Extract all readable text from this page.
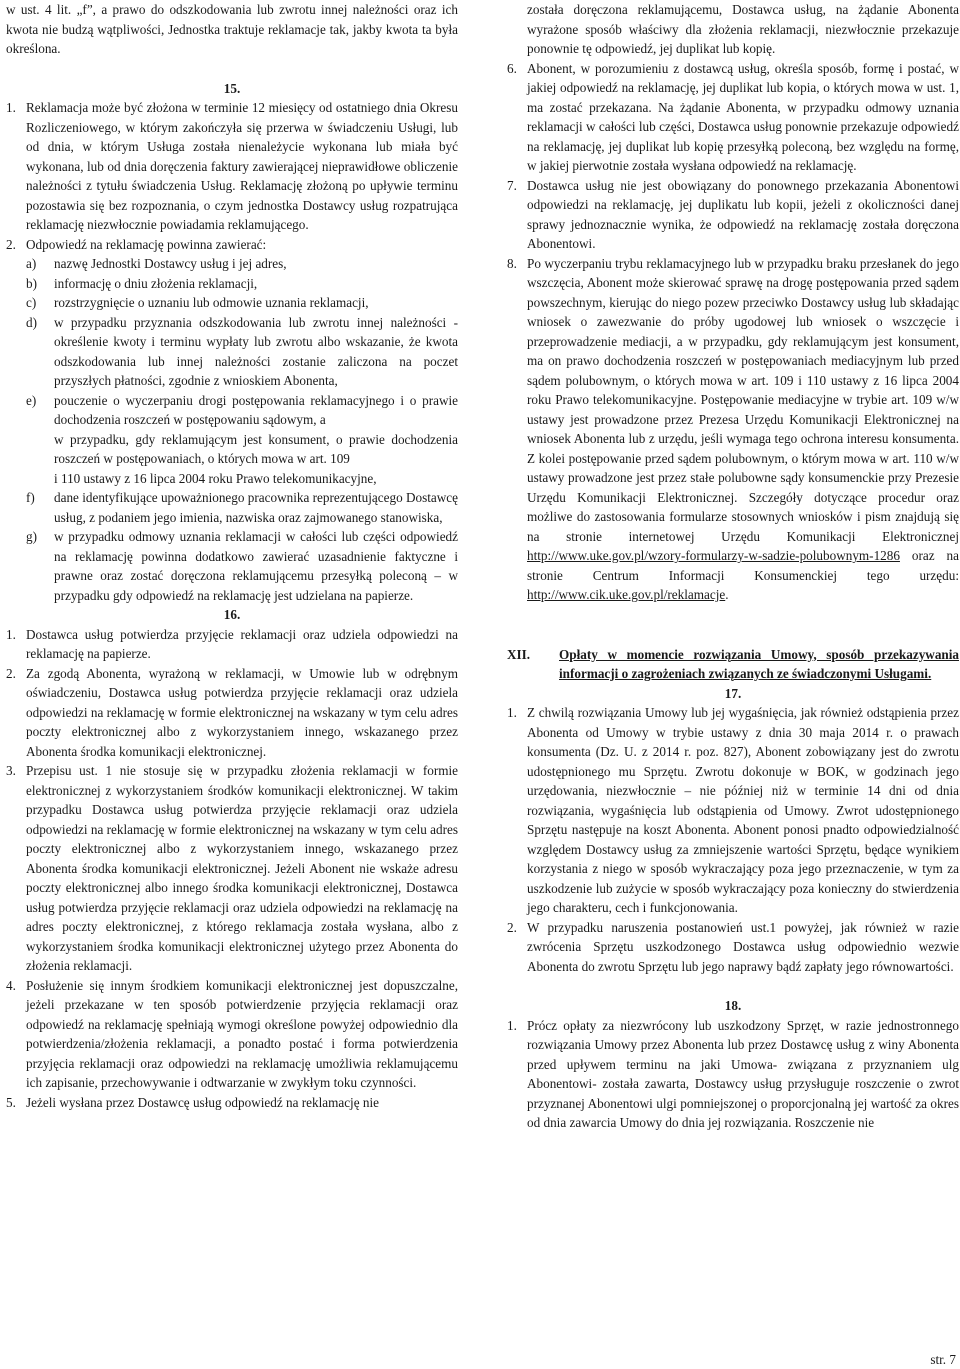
w ust. 4 lit. „f”, a prawo do odszkodowania lub zwrotu innej należności oraz ich kwota nie budzą wątpliwości, Jednostka traktuje reklamacje tak, jakby kwota ta była określona.

15.

1. Reklamacja może być złożona w terminie 12 miesięcy od ostatniego dnia Okresu Rozliczeniowego, w którym zakończyła się przerwa w świadczeniu Usługi, lub od dnia, w którym Usługa została nienależycie wykonana lub miała być wykonana, lub od dnia doręczenia faktury zawierającej nieprawidłowe obliczenie należności z tytułu świadczenia Usług. Reklamację złożoną po upływie terminu pozostawia się bez rozpoznania, o czym jednostka Dostawcy usług rozpatrująca reklamację niezwłocznie powiadamia reklamującego.
2. Odpowiedź na reklamację powinna zawierać:
a)	nazwę Jednostki Dostawcy usług i jej adres,
b)	informację o dniu złożenia reklamacji,
c)	rozstrzygnięcie o uznaniu lub odmowie uznania reklamacji,
d)	w przypadku przyznania odszkodowania lub zwrotu innej należności - określenie kwoty i terminu wypłaty lub zwrotu albo wskazanie, że kwota odszkodowania lub innej należności zostanie zaliczona na poczet przyszłych płatności, zgodnie z wnioskiem Abonenta,
e)	pouczenie o wyczerpaniu drogi postępowania reklamacyjnego i o prawie dochodzenia roszczeń w postępowaniu sądowym, a

w przypadku, gdy reklamującym jest konsument, o prawie dochodzenia roszczeń w postępowaniach, o których mowa w art. 109

i 110 ustawy z 16 lipca 2004 roku Prawo telekomunikacyjne,

f)	dane identyfikujące upoważnionego pracownika reprezentującego Dostawcę usług, z podaniem jego imienia, nazwiska oraz zajmowanego stanowiska,
g)	w przypadku odmowy uznania reklamacji w całości lub części odpowiedź na reklamację powinna dodatkowo zawierać uzasadnienie faktyczne i prawne oraz zostać doręczona reklamującemu przesyłką poleconą – w przypadku gdy odpowiedź na reklamację jest udzielana na papierze.

16.

1. Dostawca usług potwierdza przyjęcie reklamacji oraz udziela odpowiedzi na reklamację na papierze.
2. Za zgodą Abonenta, wyrażoną w reklamacji, w Umowie lub w odrębnym oświadczeniu, Dostawca usług potwierdza przyjęcie reklamacji oraz udziela odpowiedzi na reklamację w formie elektronicznej na wskazany w tym celu adres poczty elektronicznej albo z wykorzystaniem innego, wskazanego przez Abonenta środka komunikacji elektronicznej.
3. Przepisu ust. 1 nie stosuje się w przypadku złożenia reklamacji w formie elektronicznej z wykorzystaniem środków komunikacji elektronicznej. W takim przypadku Dostawca usług potwierdza przyjęcie reklamacji oraz udziela odpowiedzi na reklamację w formie elektronicznej na wskazany w tym celu adres poczty elektronicznej albo z wykorzystaniem innego, wskazanego przez Abonenta środka komunikacji elektronicznej. Jeżeli Abonent nie wskaże adresu poczty elektronicznej albo innego środka komunikacji elektronicznej, Dostawca usług potwierdza przyjęcie reklamacji oraz udziela odpowiedzi na reklamację na adres poczty elektronicznej, z którego reklamacja została wysłana, albo z wykorzystaniem środka komunikacji elektronicznej użytego przez Abonenta do złożenia reklamacji.
4. Posłużenie się innym środkiem komunikacji elektronicznej jest dopuszczalne, jeżeli przekazane w ten sposób potwierdzenie przyjęcia reklamacji oraz odpowiedź na reklamację spełniają wymogi określone powyżej odpowiednio dla potwierdzenia/złożenia reklamacji, a ponadto postać i forma potwierdzenia przyjęcia reklamacji oraz odpowiedzi na reklamację umożliwia reklamującemu ich zapisanie, przechowywanie i odtwarzanie w zwykłym toku czynności.
5. Jeżeli wysłana przez Dostawcę usług odpowiedź na reklamację nie

została doręczona reklamującemu, Dostawca usług, na żądanie Abonenta wyrażone sposób właściwy dla złożenia reklamacji, niezwłocznie przekazuje ponownie tę odpowiedź, jej duplikat lub kopię.

6. Abonent, w porozumieniu z dostawcą usług, określa sposób, formę i postać, w jakiej odpowiedź na reklamację, jej duplikat lub kopia, o których mowa w ust. 1, ma zostać przekazana. Na żądanie Abonenta, w przypadku odmowy uznania reklamacji w całości lub części, Dostawca usług ponownie przekazuje odpowiedź na reklamację, jej duplikat lub kopię przesyłką poleconą, bez względu na formę, w jakiej pierwotnie została wysłana odpowiedź na reklamację.
7. Dostawca usług nie jest obowiązany do ponownego przekazania Abonentowi odpowiedzi na reklamację, jej duplikatu lub kopii, jeżeli z okoliczności danej sprawy jednoznacznie wynika, że odpowiedź na reklamację została doręczona Abonentowi.
8. Po wyczerpaniu trybu reklamacyjnego lub w przypadku braku przesłanek do jego wszczęcia, Abonent może skierować sprawę na drogę postępowania przed sądem powszechnym, kierując do niego pozew przeciwko Dostawcy usług lub składając wniosek o zawezwanie do próby ugodowej lub wniosek o wszczęcie i przeprowadzenie mediacji, a w przypadku, gdy reklamującym jest konsument, ma on prawo dochodzenia roszczeń w postępowaniach mediacyjnym lub przed sądem polubownym, o których mowa w art. 109 i 110 ustawy z 16 lipca 2004 roku Prawo telekomunikacyjne. Postępowanie mediacyjne w trybie art. 109 w/w ustawy jest prowadzone przez Prezesa Urzędu Komunikacji Elektronicznej na wniosek Abonenta lub z urzędu, jeśli wymaga tego ochrona interesu konsumenta. Z kolei postępowanie przed sądem polubownym, o którym mowa w art. 110 w/w ustawy prowadzone jest przez stałe polubowne sądy konsumenckie przy Prezesie Urzędu Komunikacji Elektronicznej. Szczegóły dotyczące procedur oraz możliwe do zastosowania formularze stosownych wniosków i pism znajdują się na stronie internetowej Urzędu Komunikacji Elektronicznej http://www.uke.gov.pl/wzory-formularzy-w-sadzie-polubownym-1286 oraz na stronie Centrum Informacji Konsumenckiej tego urzędu: http://www.cik.uke.gov.pl/reklamacje.
XII.	Opłaty w momencie rozwiązania Umowy, sposób przekazywania informacji o zagrożeniach związanych ze świadczonymi Usługami.

17.

1. Z chwilą rozwiązania Umowy lub jej wygaśnięcia, jak również odstąpienia przez Abonenta od Umowy w trybie ustawy z dnia 30 maja 2014 r. o prawach konsumenta (Dz. U. z 2014 r. poz. 827), Abonent zobowiązany jest do zwrotu udostępnionego mu Sprzętu. Zwrotu dokonuje w BOK, w godzinach jego urzędowania, niezwłocznie – nie później niż w terminie 14 dni od dnia rozwiązania, wygaśnięcia lub odstąpienia od Umowy. Zwrot udostępnionego Sprzętu następuje na koszt Abonenta. Abonent ponosi pnadto odpowiedzialność względem Dostawcy usług za zmniejszenie wartości Sprzętu, będące wynikiem korzystania z niego w sposób wykraczający poza jego przeznaczenie, w tym za uszkodzenie lub zużycie w sposób wykraczający poza konieczny do stwierdzenia jego charakteru, cech i funkcjonowania.
2. W przypadku naruszenia postanowień ust.1 powyżej, jak również w razie zwrócenia Sprzętu uszkodzonego Dostawca usług odpowiednio wezwie Abonenta do zwrotu Sprzętu lub jego naprawy bądź zapłaty jego równowartości.

18.

1. Prócz opłaty za niezwrócony lub uszkodzony Sprzęt, w razie jednostronnego rozwiązania Umowy przez Abonenta lub przez Dostawcę usług z winy Abonenta przed upływem terminu na jaki Umowa- związana z przyznaniem ulg Abonentowi- została zawarta, Dostawcy usług przysługuje roszczenie o zwrot przyznanej Abonentowi ulgi pomniejszonej o proporcjonalną jej wartość za okres od dnia zawarcia Umowy do dnia jej rozwiązania. Roszczenie nie
str. 7
